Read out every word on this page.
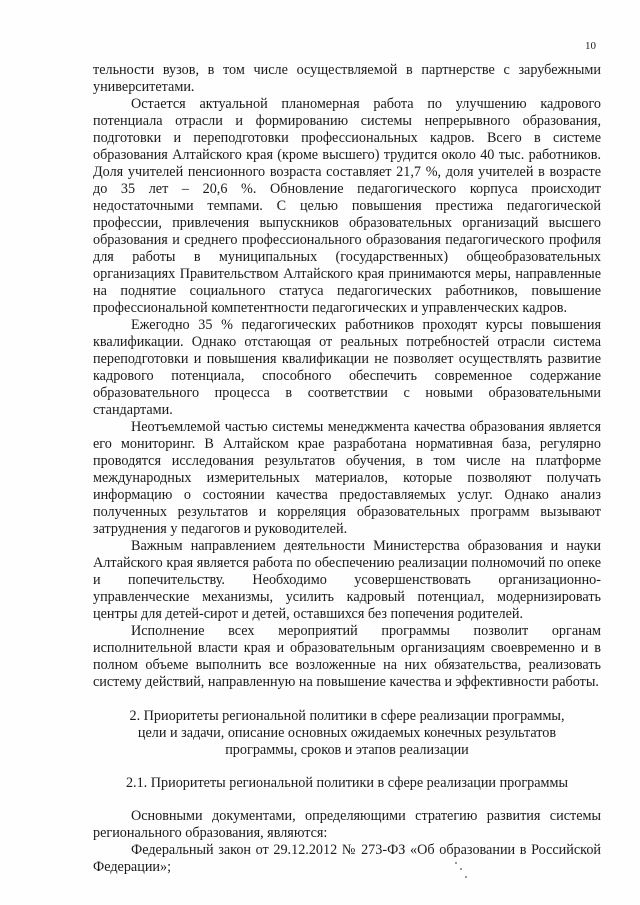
10

тельности вузов, в том числе осуществляемой в партнерстве с зарубежными университетами.

Остается актуальной планомерная работа по улучшению кадрового потенциала отрасли и формированию системы непрерывного образования, подготовки и переподготовки профессиональных кадров. Всего в системе образования Алтайского края (кроме высшего) трудится около 40 тыс. работников. Доля учителей пенсионного возраста составляет 21,7 %, доля учителей в возрасте до 35 лет – 20,6 %. Обновление педагогического корпуса происходит недостаточными темпами. С целью повышения престижа педагогической профессии, привлечения выпускников образовательных организаций высшего образования и среднего профессионального образования педагогического профиля для работы в муниципальных (государственных) общеобразовательных организациях Правительством Алтайского края принимаются меры, направленные на поднятие социального статуса педагогических работников, повышение профессиональной компетентности педагогических и управленческих кадров.

Ежегодно 35 % педагогических работников проходят курсы повышения квалификации. Однако отстающая от реальных потребностей отрасли система переподготовки и повышения квалификации не позволяет осуществлять развитие кадрового потенциала, способного обеспечить современное содержание образовательного процесса в соответствии с новыми образовательными стандартами.

Неотъемлемой частью системы менеджмента качества образования является его мониторинг. В Алтайском крае разработана нормативная база, регулярно проводятся исследования результатов обучения, в том числе на платформе международных измерительных материалов, которые позволяют получать информацию о состоянии качества предоставляемых услуг. Однако анализ полученных результатов и корреляция образовательных программ вызывают затруднения у педагогов и руководителей.

Важным направлением деятельности Министерства образования и науки Алтайского края является работа по обеспечению реализации полномочий по опеке и попечительству. Необходимо усовершенствовать организационно-управленческие механизмы, усилить кадровый потенциал, модернизировать центры для детей-сирот и детей, оставшихся без попечения родителей.

Исполнение всех мероприятий программы позволит органам исполнительной власти края и образовательным организациям своевременно и в полном объеме выполнить все возложенные на них обязательства, реализовать систему действий, направленную на повышение качества и эффективности работы.

2. Приоритеты региональной политики в сфере реализации программы,
цели и задачи, описание основных ожидаемых конечных результатов
программы, сроков и этапов реализации
2.1. Приоритеты региональной политики в сфере реализации программы

Основными документами, определяющими стратегию развития системы регионального образования, являются:

Федеральный закон от 29.12.2012 № 273-ФЗ «Об образовании в Российской Федерации»;
